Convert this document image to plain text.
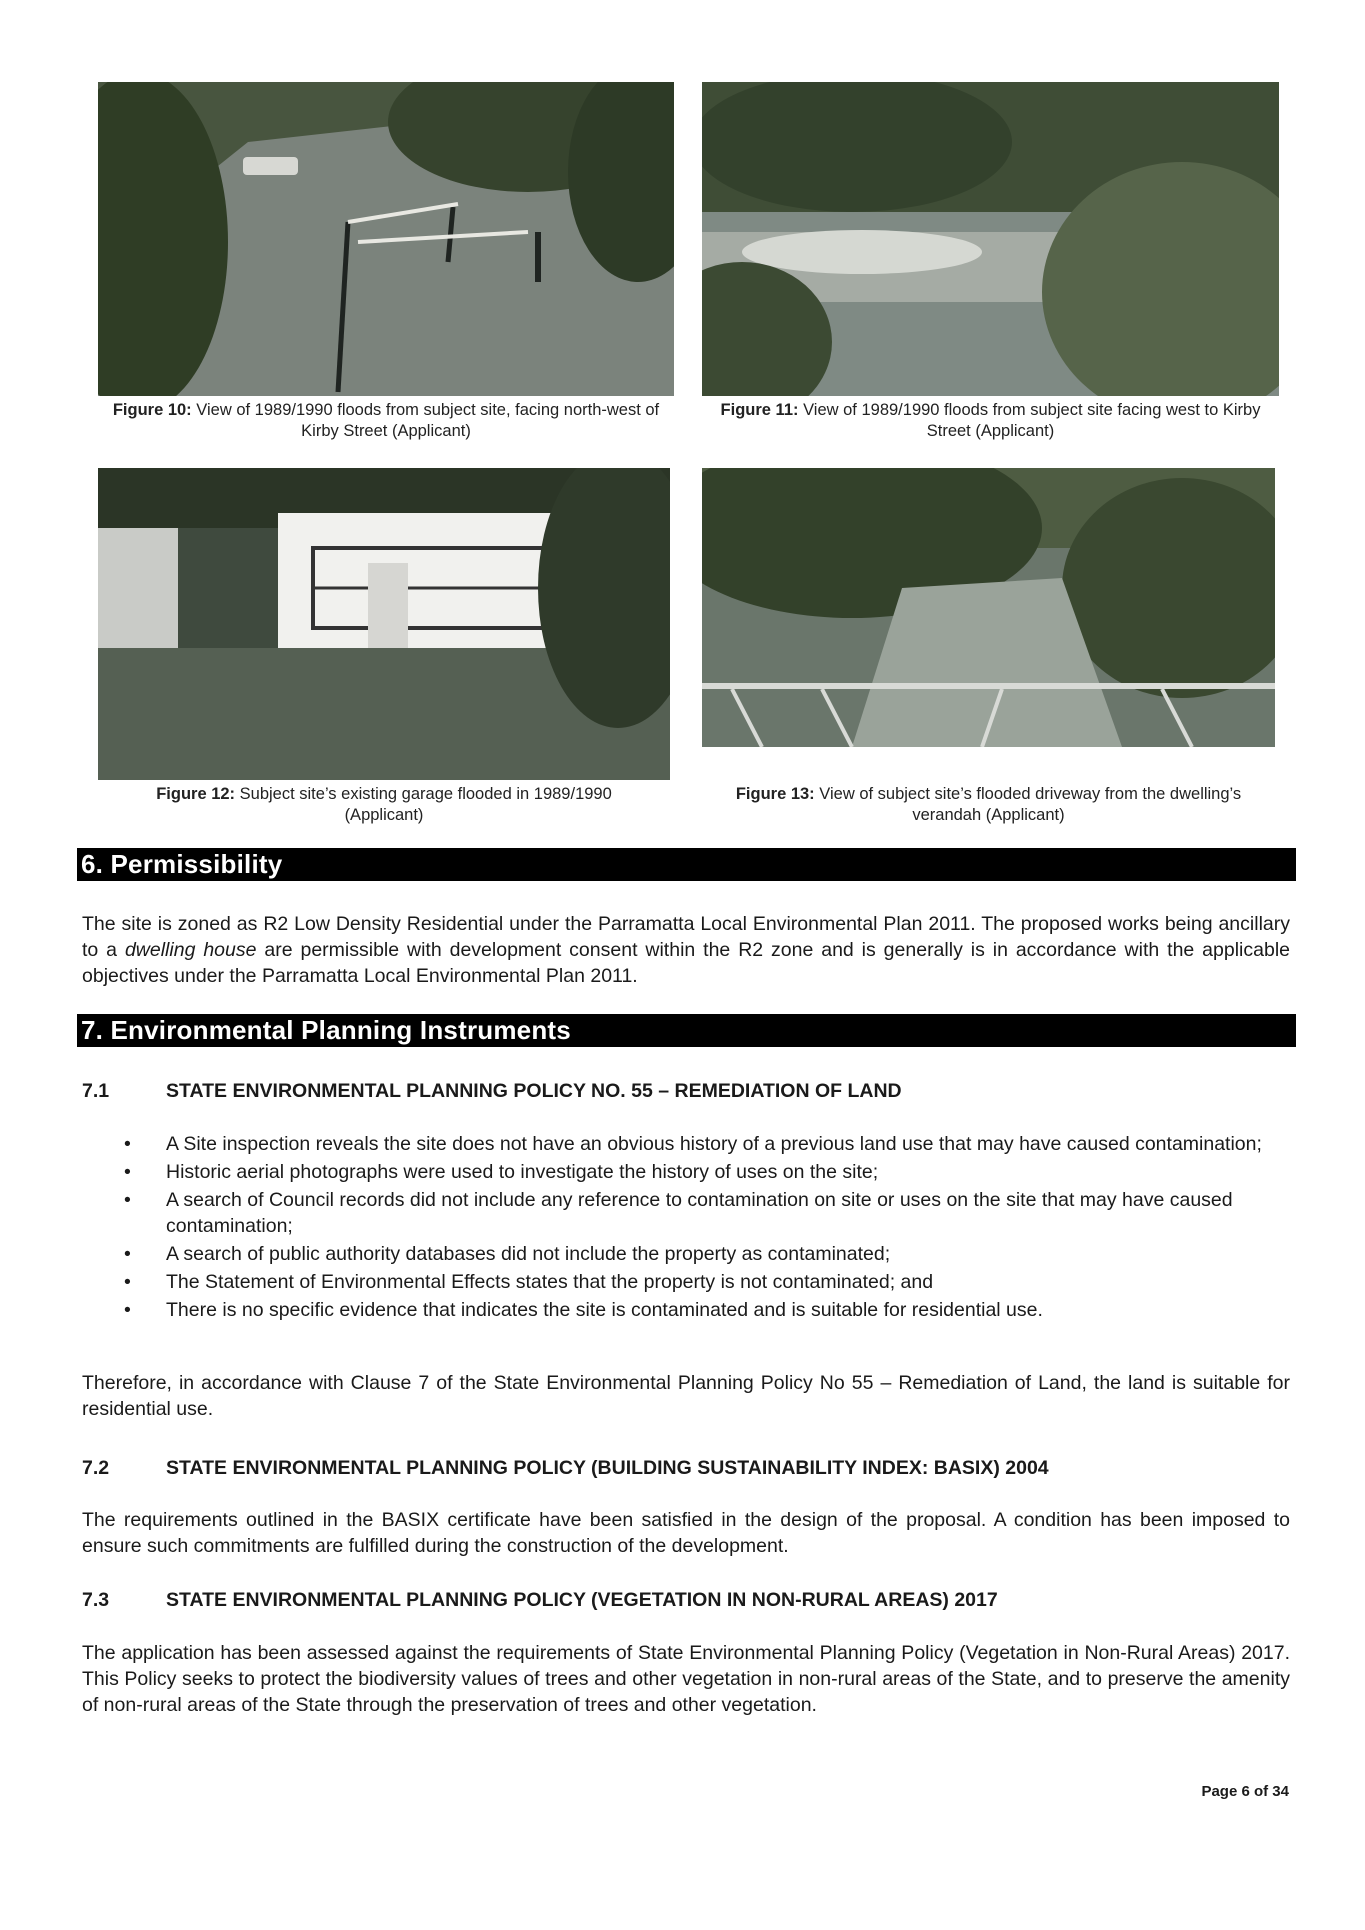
Figure 10: View of 1989/1990 floods from subject site, facing north-west of Kirby Street (Applicant)
Figure 11: View of 1989/1990 floods from subject site facing west to Kirby Street (Applicant)
Figure 12: Subject site’s existing garage flooded in 1989/1990 (Applicant)
Figure 13: View of subject site’s flooded driveway from the dwelling’s verandah (Applicant)
6. Permissibility
The site is zoned as R2 Low Density Residential under the Parramatta Local Environmental Plan 2011. The proposed works being ancillary to a dwelling house are permissible with development consent within the R2 zone and is generally is in accordance with the applicable objectives under the Parramatta Local Environmental Plan 2011.
7. Environmental Planning Instruments
7.1	STATE ENVIRONMENTAL PLANNING POLICY NO. 55 – REMEDIATION OF LAND
• A Site inspection reveals the site does not have an obvious history of a previous land use that may have caused contamination;
• Historic aerial photographs were used to investigate the history of uses on the site;
• A search of Council records did not include any reference to contamination on site or uses on the site that may have caused contamination;
• A search of public authority databases did not include the property as contaminated;
• The Statement of Environmental Effects states that the property is not contaminated; and
• There is no specific evidence that indicates the site is contaminated and is suitable for residential use.
Therefore, in accordance with Clause 7 of the State Environmental Planning Policy No 55 – Remediation of Land, the land is suitable for residential use.
7.2	STATE ENVIRONMENTAL PLANNING POLICY (BUILDING SUSTAINABILITY INDEX: BASIX) 2004
The requirements outlined in the BASIX certificate have been satisfied in the design of the proposal. A condition has been imposed to ensure such commitments are fulfilled during the construction of the development.
7.3	STATE ENVIRONMENTAL PLANNING POLICY (VEGETATION IN NON-RURAL AREAS) 2017
The application has been assessed against the requirements of State Environmental Planning Policy (Vegetation in Non-Rural Areas) 2017. This Policy seeks to protect the biodiversity values of trees and other vegetation in non-rural areas of the State, and to preserve the amenity of non-rural areas of the State through the preservation of trees and other vegetation.
Page 6 of 34
